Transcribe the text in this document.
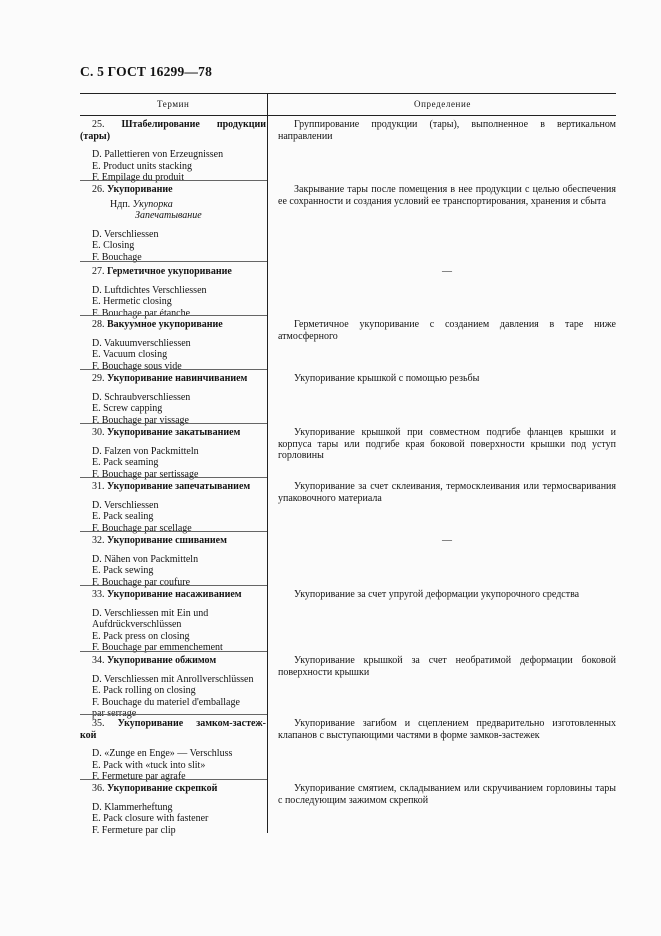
С. 5 ГОСТ 16299—78
Термин	Определение
25. Штабелирование продукции
(тары)
D. Pallettieren von Erzeugnissen
E. Product units stacking
F. Empilage du produit
Группирование продукции (тары), выполненное в вертикальном направлении
26. Укупоривание
Ндп. Укупорка
Запечатывание
D. Verschliessen
E. Closing
F. Bouchage
Закрывание тары после помещения в нее продукции с целью обеспечения ее сохранности и создания условий ее транспортирования, хранения и сбыта
27. Герметичное укупоривание
D. Luftdichtes Verschliessen
E. Hermetic closing
F. Bouchage par étanche
—
28. Вакуумное укупоривание
D. Vakuumverschliessen
E. Vacuum closing
F. Bouchage sous vide
Герметичное укупоривание с созданием давления в таре ниже атмосферного
29. Укупоривание навинчиванием
D. Schraubverschliessen
E. Screw capping
F. Bouchage par vissage
Укупоривание крышкой с помощью резьбы
30. Укупоривание закатыванием
D. Falzen von Packmitteln
E. Pack seaming
F. Bouchage par sertissage
Укупоривание крышкой при совместном подгибе фланцев крышки и корпуса тары или подгибе края боковой поверхности крышки под уступ горловины
31. Укупоривание запечатыванием
D. Verschliessen
E. Pack sealing
F. Bouchage par scellage
Укупоривание за счет склеивания, термосклеивания или термосваривания упаковочного материала
32. Укупоривание сшиванием
D. Nähen von Packmitteln
E. Pack sewing
F. Bouchage par coufure
—
33. Укупоривание насаживанием
D. Verschliessen mit Ein und
Aufdrückverschlüssen
E. Pack press on closing
F. Bouchage par emmenchement
Укупоривание за счет упругой деформации укупорочного средства
34. Укупоривание обжимом
D. Verschliessen mit Anrollverschlüssen
E. Pack rolling on closing
F. Bouchage du materiel d'emballage
par serrage
Укупоривание крышкой за счет необратимой деформации боковой поверхности крышки
35. Укупоривание замком-застеж-
кой
D. «Zunge en Enge» — Verschluss
E. Pack with «tuck into slit»
F. Fermeture par agrafe
Укупоривание загибом и сцеплением предварительно изготовленных клапанов с выступающими частями в форме замков-застежек
36. Укупоривание скрепкой
D. Klammerheftung
E. Pack closure with fastener
F. Fermeture par clip
Укупоривание смятием, складыванием или скручиванием горловины тары с последующим зажимом скрепкой
